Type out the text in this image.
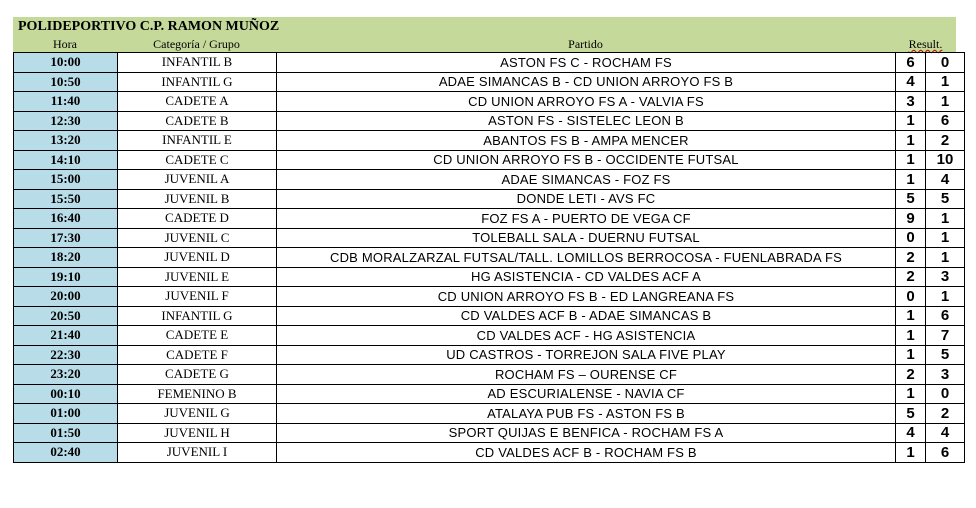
POLIDEPORTIVO C.P. RAMON MUÑOZ
Hora	Categoría / Grupo	Partido	Result.
10:00	INFANTIL B	ASTON FS C - ROCHAM FS	6	0
10:50	INFANTIL G	ADAE SIMANCAS B - CD UNION ARROYO FS B	4	1
11:40	CADETE A	CD UNION ARROYO FS A - VALVIA FS	3	1
12:30	CADETE B	ASTON FS - SISTELEC LEON B	1	6
13:20	INFANTIL E	ABANTOS FS B - AMPA MENCER	1	2
14:10	CADETE C	CD UNION ARROYO FS B - OCCIDENTE FUTSAL	1	10
15:00	JUVENIL A	ADAE SIMANCAS - FOZ FS	1	4
15:50	JUVENIL B	DONDE LETI - AVS FC	5	5
16:40	CADETE D	FOZ FS A - PUERTO DE VEGA CF	9	1
17:30	JUVENIL C	TOLEBALL SALA - DUERNU FUTSAL	0	1
18:20	JUVENIL D	CDB MORALZARZAL FUTSAL/TALL. LOMILLOS BERROCOSA - FUENLABRADA FS	2	1
19:10	JUVENIL E	HG ASISTENCIA - CD VALDES ACF A	2	3
20:00	JUVENIL F	CD UNION ARROYO FS B - ED LANGREANA FS	0	1
20:50	INFANTIL G	CD VALDES ACF B - ADAE SIMANCAS B	1	6
21:40	CADETE E	CD VALDES ACF - HG ASISTENCIA	1	7
22:30	CADETE F	UD CASTROS - TORREJON SALA FIVE PLAY	1	5
23:20	CADETE G	ROCHAM FS – OURENSE CF	2	3
00:10	FEMENINO B	AD ESCURIALENSE - NAVIA CF	1	0
01:00	JUVENIL G	ATALAYA PUB FS - ASTON FS B	5	2
01:50	JUVENIL H	SPORT QUIJAS E BENFICA - ROCHAM FS A	4	4
02:40	JUVENIL I	CD VALDES ACF B - ROCHAM FS B	1	6
